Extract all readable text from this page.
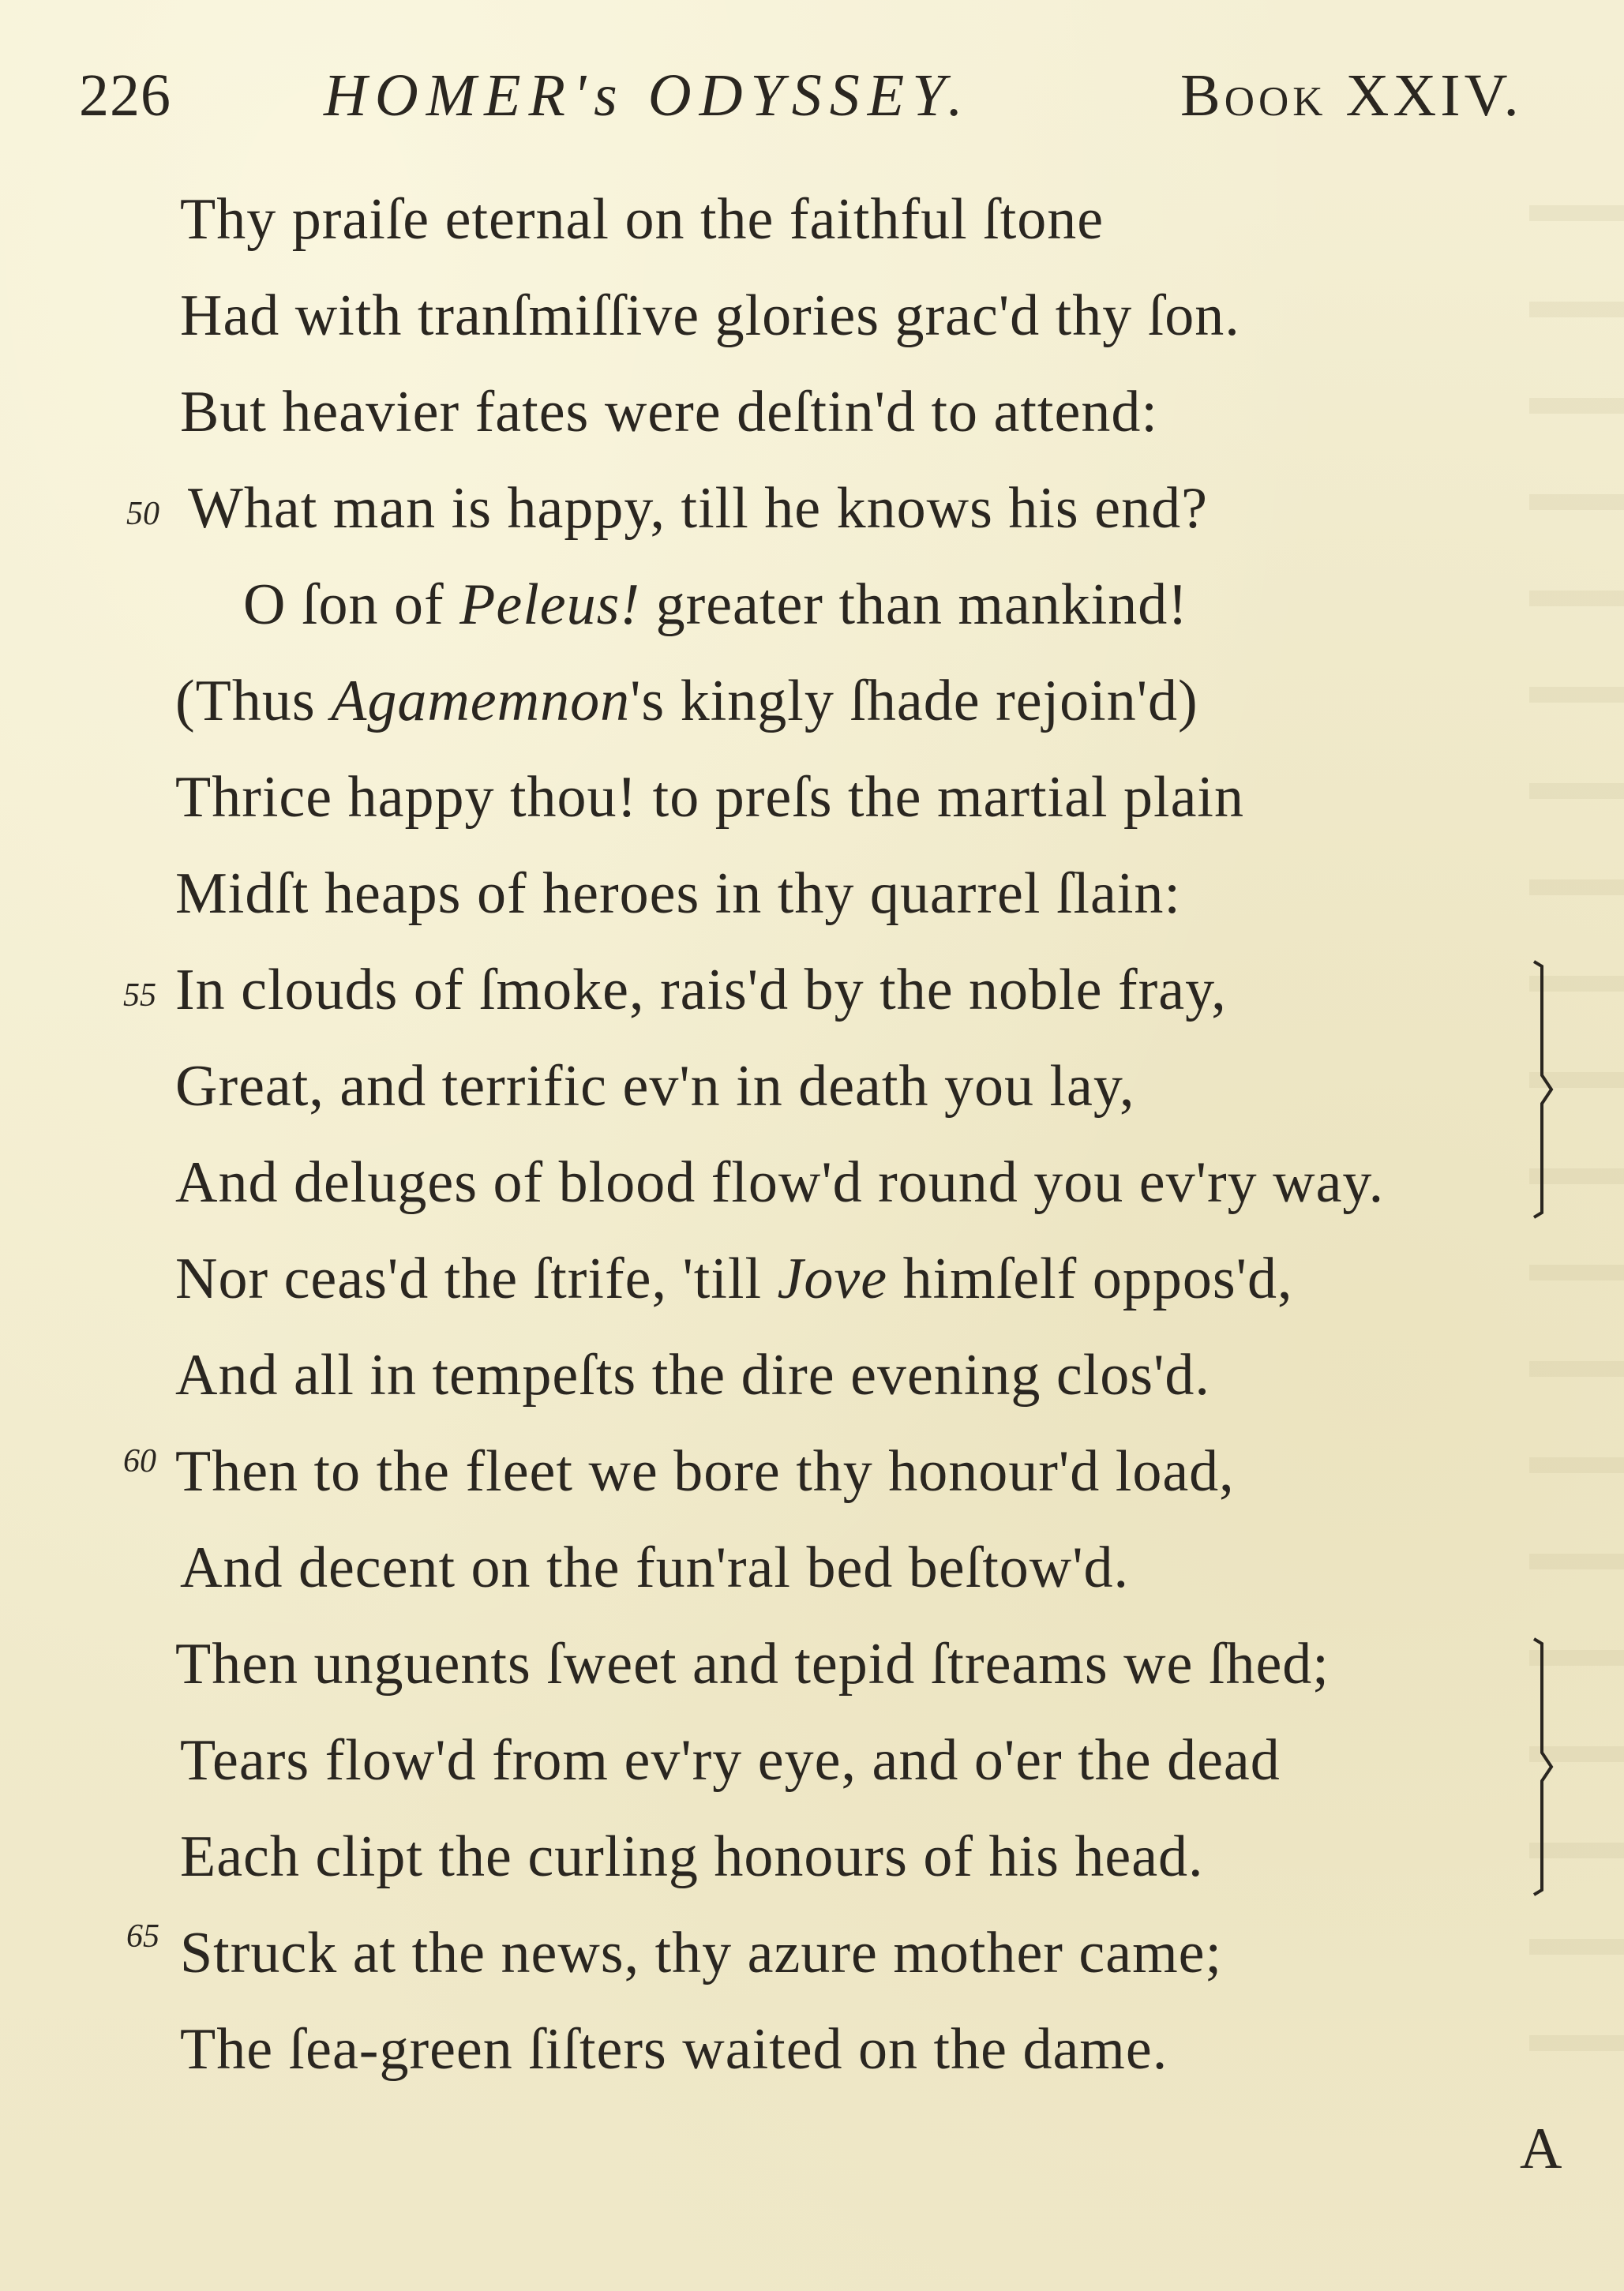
226	HOMER's ODYSSEY.	Book XXIV.
Thy praiſe eternal on the faithful ſtone
Had with tranſmiſſive glories grac'd thy ſon.
But heavier fates were deſtin'd to attend:
50 What man is happy, till he knows his end?
O ſon of Peleus! greater than mankind!
(Thus Agamemnon's kingly ſhade rejoin'd)
Thrice happy thou! to preſs the martial plain
Midſt heaps of heroes in thy quarrel ſlain:
55 In clouds of ſmoke, rais'd by the noble fray,
Great, and terrific ev'n in death you lay,
And deluges of blood flow'd round you ev'ry way.
Nor ceas'd the ſtrife, 'till Jove himſelf oppos'd,
And all in tempeſts the dire evening clos'd.
60 Then to the fleet we bore thy honour'd load,
And decent on the fun'ral bed beſtow'd.
Then unguents ſweet and tepid ſtreams we ſhed;
Tears flow'd from ev'ry eye, and o'er the dead
Each clipt the curling honours of his head.
65 Struck at the news, thy azure mother came;
The ſea-green ſiſters waited on the dame.
A
